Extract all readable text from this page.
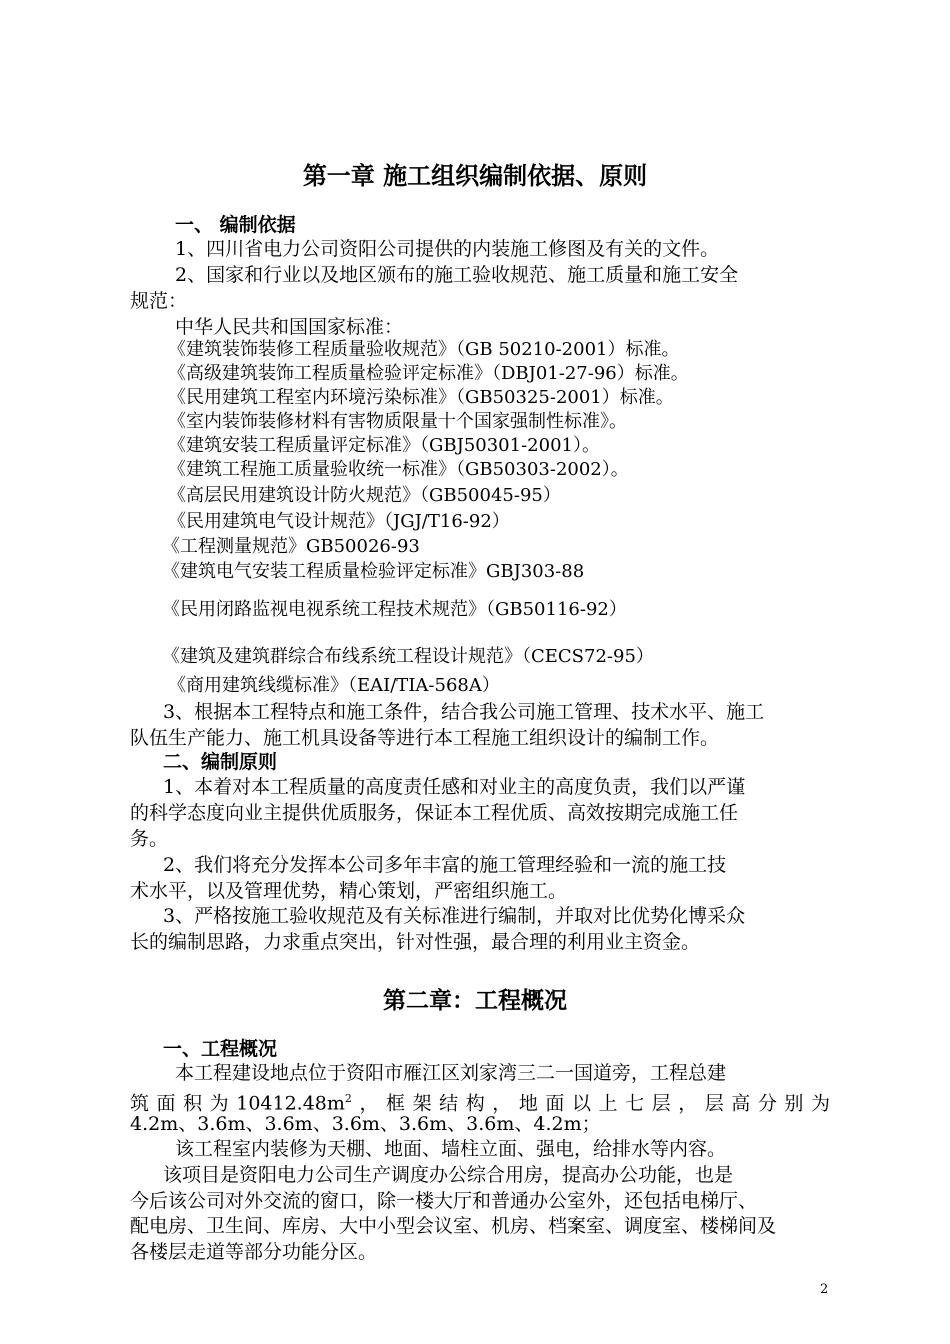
第一章 施工组织编制依据、原则
一、 编制依据
1、四川省电力公司资阳公司提供的内装施工修图及有关的文件。
2、国家和行业以及地区颁布的施工验收规范、施工质量和施工安全
规范：
中华人民共和国国家标准：
《建筑装饰装修工程质量验收规范》（GB 50210-2001）标准。
《高级建筑装饰工程质量检验评定标准》（DBJ01-27-96）标准。
《民用建筑工程室内环境污染标准》（GB50325-2001）标准。
《室内装饰装修材料有害物质限量十个国家强制性标准》。
《建筑安装工程质量评定标准》（GBJ50301-2001）。
《建筑工程施工质量验收统一标准》（GB50303-2002）。
《高层民用建筑设计防火规范》（GB50045-95）
《民用建筑电气设计规范》（JGJ/T16-92）
《工程测量规范》GB50026-93
《建筑电气安装工程质量检验评定标准》GBJ303-88
《民用闭路监视电视系统工程技术规范》（GB50116-92）
《建筑及建筑群综合布线系统工程设计规范》（CECS72-95）
《商用建筑线缆标准》（EAI/TIA-568A）
3、根据本工程特点和施工条件，结合我公司施工管理、技术水平、施工
队伍生产能力、施工机具设备等进行本工程施工组织设计的编制工作。
二、编制原则
1、本着对本工程质量的高度责任感和对业主的高度负责，我们以严谨
的科学态度向业主提供优质服务，保证本工程优质、高效按期完成施工任
务。
2、我们将充分发挥本公司多年丰富的施工管理经验和一流的施工技
术水平，以及管理优势，精心策划，严密组织施工。
3、严格按施工验收规范及有关标准进行编制，并取对比优势化博采众
长的编制思路，力求重点突出，针对性强，最合理的利用业主资金。
第二章：工程概况
一、工程概况
本工程建设地点位于资阳市雁江区刘家湾三二一国道旁，工程总建
筑面积为$10412.48m^2$，框架结构，地面以上七层，层高分别为
4.2m、3.6m、3.6m、3.6m、3.6m、3.6m、4.2m；
该工程室内装修为天棚、地面、墙柱立面、强电，给排水等内容。
该项目是资阳电力公司生产调度办公综合用房，提高办公功能，也是
今后该公司对外交流的窗口，除一楼大厅和普通办公室外，还包括电梯厅、
配电房、卫生间、库房、大中小型会议室、机房、档案室、调度室、楼梯间及
各楼层走道等部分功能分区。
2
